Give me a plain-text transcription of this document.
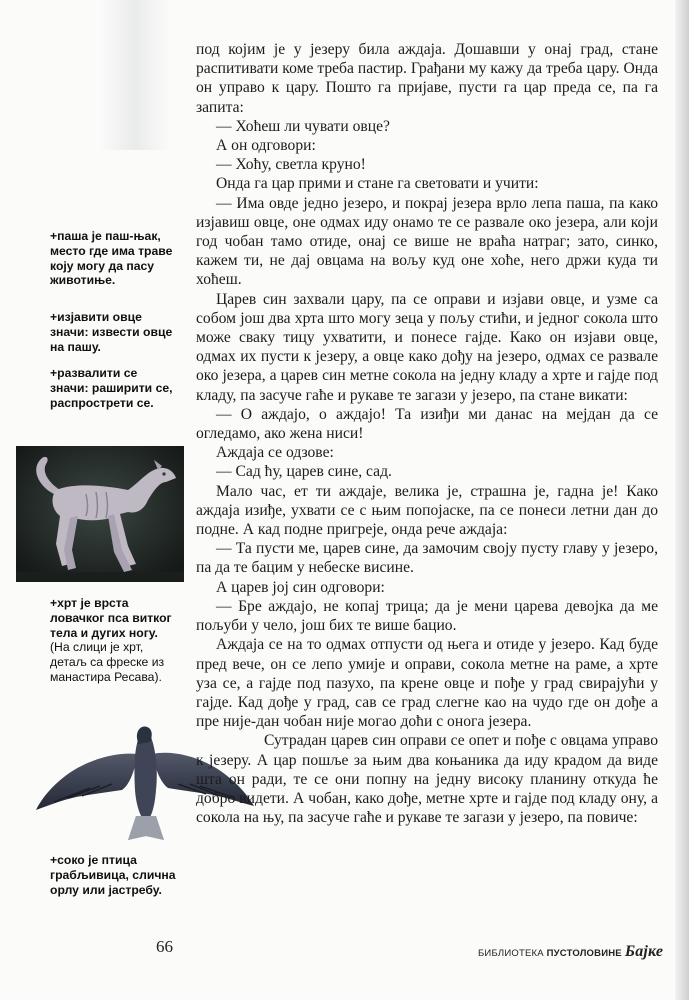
+паша је паш-њак, место где има траве коју могу да пасу животиње.
+изјавити овце значи: извести овце на пашу.
+развалити се значи: раширити се, распрострети се.
+хрт је врста ловачког пса витког тела и дугих ногу. (На слици је хрт, детаљ са фреске из манастира Ресава).
+соко је птица грабљивица, слична орлу или јастребу.

под којим је у језеру била аждаја. Дошавши у онај град, стане распитивати коме треба пастир. Грађани му кажу да треба цару. Онда он управо к цару. Пошто га пријаве, пусти га цар преда се, па га запита:

— Хоћеш ли чувати овце?

А он одговори:

— Хоћу, светла круно!

Онда га цар прими и стане га световати и учити:

— Има овде једно језеро, и покрај језера врло лепа паша, па како изјавиш овце, оне одмах иду онамо те се развале око језера, али који год чобан тамо отиде, онај се више не враћа натраг; зато, синко, кажем ти, не дај овцама на вољу куд оне хоће, него држи куда ти хоћеш.

Царев син захвали цару, па се оправи и изјави овце, и узме са собом још два хрта што могу зеца у пољу стићи, и једног сокола што може сваку тицу ухватити, и понесе гајде. Како он изјави овце, одмах их пусти к језеру, а овце како дођу на језеро, одмах се развале око језера, а царев син метне сокола на једну кладу а хрте и гајде под кладу, па засуче гаће и рукаве те загази у језеро, па стане викати:

— О аждајо, о аждајо! Та изиђи ми данас на мејдан да се огледамо, ако жена ниси!

Аждаја се одзове:

— Сад ћу, царев сине, сад.

Мало час, ет ти аждаје, велика је, страшна је, гадна је! Како аждаја изиђе, ухвати се с њим попојаске, па се понеси летни дан до подне. А кад подне пригреје, онда рече аждаја:

— Та пусти ме, царев сине, да замочим своју пусту главу у језеро, па да те бацим у небеске висине.

А царев јој син одговори:

— Бре аждајо, не копај трица; да је мени царева девојка да ме пољуби у чело, још бих те више бацио.

Аждаја се на то одмах отпусти од њега и отиде у језеро. Кад буде пред вече, он се лепо умије и оправи, сокола метне на раме, а хрте уза се, а гајде под пазухо, па крене овце и пође у град свирајући у гајде. Кад дође у град, сав се град слегне као на чудо где он дође а пре није-дан чобан није могао доћи с онога језера.

Сутрадан царев син оправи се опет и пође с овцама управо к језеру. А цар пошље за њим два коњаника да иду крадом да виде шта он ради, те се они попну на једну високу планину откуда ће добро видети. А чобан, како дође, метне хрте и гајде под кладу ону, а сокола на њу, па засуче гаће и рукаве те загази у језеро, па повиче:

66	БИБЛИОТЕКА ПУСТОЛОВИНЕ Бајке
